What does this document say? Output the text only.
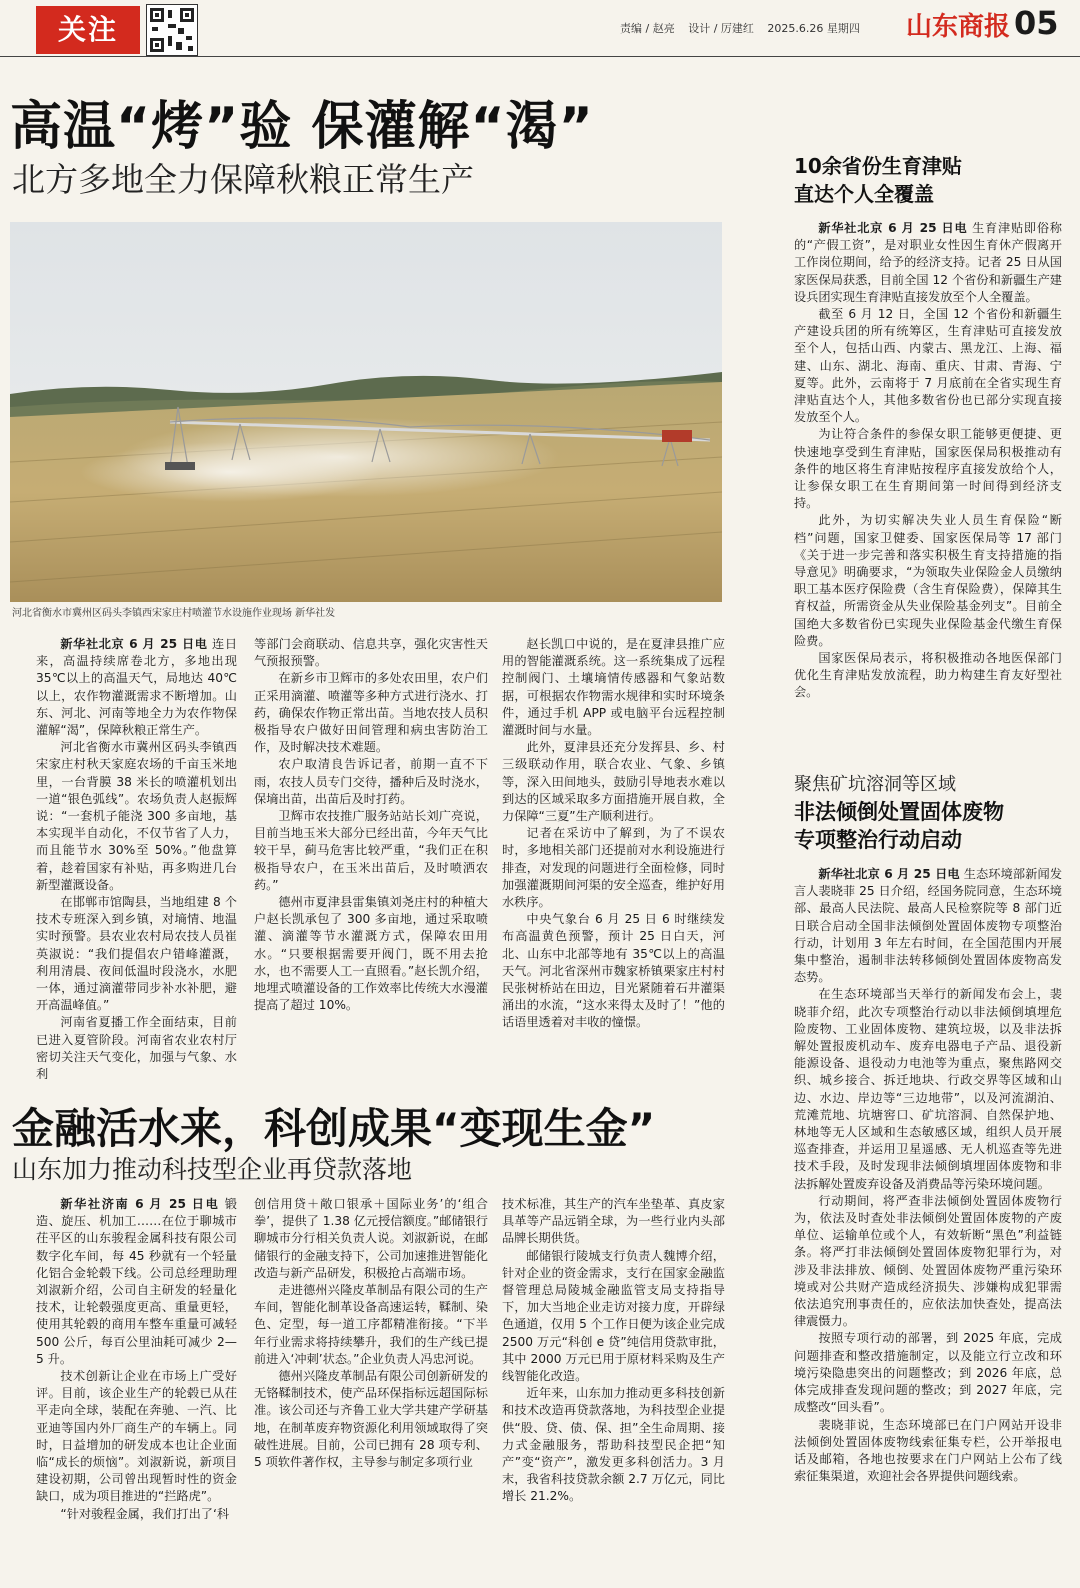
关注	责编 / 赵亮 设计 / 厉建红 2025.6.26 星期四	山东商报 05
高温“烤”验 保灌解“渴”
北方多地全力保障秋粮正常生产
河北省衡水市冀州区码头李镇西宋家庄村喷灌节水设施作业现场 新华社发

新华社北京 6 月 25 日电 连日来，高温持续席卷北方，多地出现 35℃以上的高温天气，局地达 40℃以上，农作物灌溉需求不断增加。山东、河北、河南等地全力为农作物保灌解“渴”，保障秋粮正常生产。

河北省衡水市冀州区码头李镇西宋家庄村秋天家庭农场的千亩玉米地里，一台背膜 38 米长的喷灌机划出一道“银色弧线”。农场负责人赵振辉说：“一套机子能浇 300 多亩地，基本实现半自动化，不仅节省了人力，而且能节水 30%至 50%。”他盘算着，趁着国家有补贴，再多购进几台新型灌溉设备。

在邯郸市馆陶县，当地组建 8 个技术专班深入到乡镇，对墒情、地温实时预警。县农业农村局农技人员崔英淑说：“我们提倡农户错峰灌溉，利用清晨、夜间低温时段浇水，水肥一体，通过滴灌带同步补水补肥，避开高温峰值。”

河南省夏播工作全面结束，目前已进入夏管阶段。河南省农业农村厅密切关注天气变化，加强与气象、水利

等部门会商联动、信息共享，强化灾害性天气预报预警。

在新乡市卫辉市的多处农田里，农户们正采用滴灌、喷灌等多种方式进行浇水、打药，确保农作物正常出苗。当地农技人员积极指导农户做好田间管理和病虫害防治工作，及时解决技术难题。

农户取清良告诉记者，前期一直不下雨，农技人员专门交待，播种后及时浇水，保墒出苗，出苗后及时打药。

卫辉市农技推广服务站站长刘广亮说，目前当地玉米大部分已经出苗，今年天气比较干旱，蓟马危害比较严重，“我们正在积极指导农户，在玉米出苗后，及时喷洒农药。”

德州市夏津县雷集镇刘尧庄村的种植大户赵长凯承包了 300 多亩地，通过采取喷灌、滴灌等节水灌溉方式，保障农田用水。“只要根据需要开阀门，既不用去抢水，也不需要人工一直照看。”赵长凯介绍，地埋式喷灌设备的工作效率比传统大水漫灌提高了超过 10%。

赵长凯口中说的，是在夏津县推广应用的智能灌溉系统。这一系统集成了远程控制阀门、土壤墒情传感器和气象站数据，可根据农作物需水规律和实时环境条件，通过手机 APP 或电脑平台远程控制灌溉时间与水量。

此外，夏津县还充分发挥县、乡、村三级联动作用，联合农业、气象、乡镇等，深入田间地头，鼓励引导地表水难以到达的区域采取多方面措施开展自救，全力保障“三夏”生产顺利进行。

记者在采访中了解到，为了不误农时，多地相关部门还提前对水利设施进行排查，对发现的问题进行全面检修，同时加强灌溉期间河渠的安全巡查，维护好用水秩序。

中央气象台 6 月 25 日 6 时继续发布高温黄色预警，预计 25 日白天，河北、山东中北部等地有 35℃以上的高温天气。河北省深州市魏家桥镇栗家庄村村民张树桥站在田边，目光紧随着石井灌渠涌出的水流，“这水来得太及时了！”他的话语里透着对丰收的憧憬。

金融活水来，科创成果“变现生金”
山东加力推动科技型企业再贷款落地

新华社济南 6 月 25 日电 锻造、旋压、机加工……在位于聊城市茌平区的山东骏程金属科技有限公司数字化车间，每 45 秒就有一个轻量化铝合金轮毂下线。公司总经理助理刘淑新介绍，公司自主研发的轻量化技术，让轮毂强度更高、重量更轻，使用其轮毂的商用车整车重量可减轻 500 公斤，每百公里油耗可减少 2—5 升。

技术创新让企业在市场上广受好评。目前，该企业生产的轮毂已从茌平走向全球，装配在奔驰、一汽、比亚迪等国内外厂商生产的车辆上。同时，日益增加的研发成本也让企业面临“成长的烦恼”。刘淑新说，新项目建设初期，公司曾出现暂时性的资金缺口，成为项目推进的“拦路虎”。

“针对骏程金属，我们打出了‘科

创信用贷＋敞口银承＋国际业务’的‘组合拳’，提供了 1.38 亿元授信额度。”邮储银行聊城市分行相关负责人说。刘淑新说，在邮储银行的金融支持下，公司加速推进智能化改造与新产品研发，积极抢占高端市场。

走进德州兴隆皮革制品有限公司的生产车间，智能化制革设备高速运转，鞣制、染色、定型，每一道工序都精准衔接。“下半年行业需求将持续攀升，我们的生产线已提前进入‘冲刺’状态。”企业负责人冯忠河说。

德州兴隆皮革制品有限公司创新研发的无铬鞣制技术，使产品环保指标远超国际标准。该公司还与齐鲁工业大学共建产学研基地，在制革废弃物资源化利用领域取得了突破性进展。目前，公司已拥有 28 项专利、5 项软件著作权，主导参与制定多项行业

技术标准，其生产的汽车坐垫革、真皮家具革等产品远销全球，为一些行业内头部品牌长期供货。

邮储银行陵城支行负责人魏博介绍，针对企业的资金需求，支行在国家金融监督管理总局陵城金融监管支局支持指导下，加大当地企业走访对接力度，开辟绿色通道，仅用 5 个工作日便为该企业完成 2500 万元“科创 e 贷”纯信用贷款审批，其中 2000 万元已用于原材料采购及生产线智能化改造。

近年来，山东加力推动更多科技创新和技术改造再贷款落地，为科技型企业提供“股、贷、债、保、担”全生命周期、接力式金融服务，帮助科技型民企把“知产”变“资产”，激发更多科创活力。3 月末，我省科技贷款余额 2.7 万亿元，同比增长 21.2%。

10余省份生育津贴
直达个人全覆盖

新华社北京 6 月 25 日电 生育津贴即俗称的“产假工资”，是对职业女性因生育休产假离开工作岗位期间，给予的经济支持。记者 25 日从国家医保局获悉，目前全国 12 个省份和新疆生产建设兵团实现生育津贴直接发放至个人全覆盖。

截至 6 月 12 日，全国 12 个省份和新疆生产建设兵团的所有统筹区，生育津贴可直接发放至个人，包括山西、内蒙古、黑龙江、上海、福建、山东、湖北、海南、重庆、甘肃、青海、宁夏等。此外，云南将于 7 月底前在全省实现生育津贴直达个人，其他多数省份也已部分实现直接发放至个人。

为让符合条件的参保女职工能够更便捷、更快速地享受到生育津贴，国家医保局积极推动有条件的地区将生育津贴按程序直接发放给个人，让参保女职工在生育期间第一时间得到经济支持。

此外，为切实解决失业人员生育保险“断档”问题，国家卫健委、国家医保局等 17 部门《关于进一步完善和落实积极生育支持措施的指导意见》明确要求，“为领取失业保险金人员缴纳职工基本医疗保险费（含生育保险费），保障其生育权益，所需资金从失业保险基金列支”。目前全国绝大多数省份已实现失业保险基金代缴生育保险费。

国家医保局表示，将积极推动各地医保部门优化生育津贴发放流程，助力构建生育友好型社会。

聚焦矿坑溶洞等区域
非法倾倒处置固体废物
专项整治行动启动

新华社北京 6 月 25 日电 生态环境部新闻发言人裴晓菲 25 日介绍，经国务院同意，生态环境部、最高人民法院、最高人民检察院等 8 部门近日联合启动全国非法倾倒处置固体废物专项整治行动，计划用 3 年左右时间，在全国范围内开展集中整治，遏制非法转移倾倒处置固体废物高发态势。

在生态环境部当天举行的新闻发布会上，裴晓菲介绍，此次专项整治行动以非法倾倒填埋危险废物、工业固体废物、建筑垃圾，以及非法拆解处置报废机动车、废弃电器电子产品、退役新能源设备、退役动力电池等为重点，聚焦路网交织、城乡接合、拆迁地块、行政交界等区域和山边、水边、岸边等“三边地带”，以及河流湖泊、荒滩荒地、坑塘窖口、矿坑溶洞、自然保护地、林地等无人区域和生态敏感区域，组织人员开展巡查排查，并运用卫星遥感、无人机巡查等先进技术手段，及时发现非法倾倒填埋固体废物和非法拆解处置废弃设备及消费品等污染环境问题。

行动期间，将严查非法倾倒处置固体废物行为，依法及时查处非法倾倒处置固体废物的产废单位、运输单位或个人，有效斩断“黑色”利益链条。将严打非法倾倒处置固体废物犯罪行为，对涉及非法排放、倾倒、处置固体废物严重污染环境或对公共财产造成经济损失、涉嫌构成犯罪需依法追究刑事责任的，应依法加快查处，提高法律震慑力。

按照专项行动的部署，到 2025 年底，完成问题排查和整改措施制定，以及能立行立改和环境污染隐患突出的问题整改；到 2026 年底，总体完成排查发现问题的整改；到 2027 年底，完成整改“回头看”。

裴晓菲说，生态环境部已在门户网站开设非法倾倒处置固体废物线索征集专栏，公开举报电话及邮箱，各地也按要求在门户网站上公布了线索征集渠道，欢迎社会各界提供问题线索。
